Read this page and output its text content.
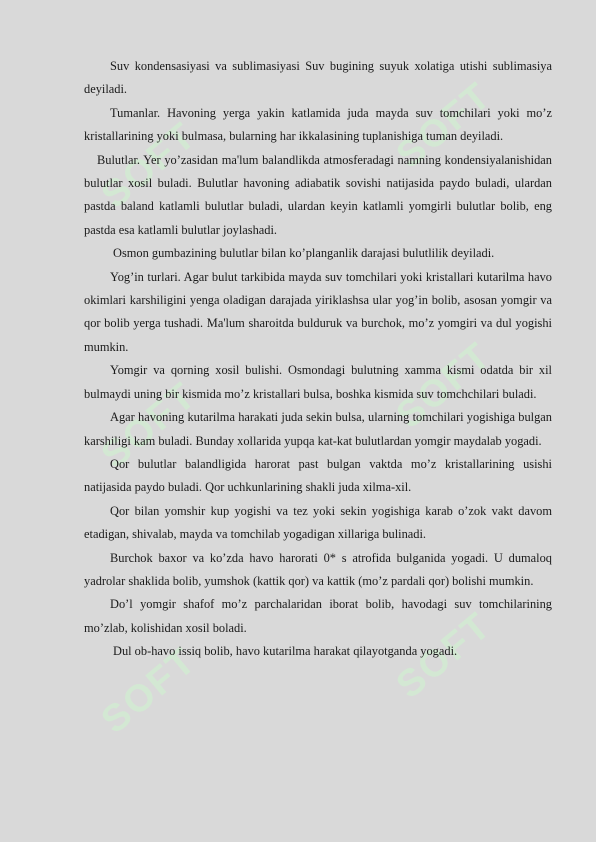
SOFT
SOFT
SOFT
SOFT
SOFT
SOFT

Suv kondensasiyasi va sublimasiyasi Suv bugining suyuk xolatiga utishi sublimasiya deyiladi.

Tumanlar. Havoning yerga yakin katlamida juda mayda suv tomchilari yoki mo’z kristallarining yoki bulmasa, bularning har ikkalasining tuplanishiga tuman deyiladi.

Bulutlar. Yer yo’zasidan ma'lum balandlikda atmosferadagi namning kondensiyalanishidan bulutlar xosil buladi. Bulutlar havoning adiabatik sovishi natijasida paydo buladi, ulardan pastda baland katlamli bulutlar buladi, ulardan keyin katlamli yomgirli bulutlar bolib, eng pastda esa katlamli bulutlar joylashadi.

Osmon gumbazining bulutlar bilan ko’planganlik darajasi bulutlilik deyiladi.

Yog’in turlari. Agar bulut tarkibida mayda suv tomchilari yoki kristallari kutarilma havo okimlari karshiligini yenga oladigan darajada yiriklashsa ular yog’in bolib, asosan yomgir va qor bolib yerga tushadi. Ma'lum sharoitda bulduruk va burchok, mo’z yomgiri va dul yogishi mumkin.

Yomgir va qorning xosil bulishi. Osmondagi bulutning xamma kismi odatda bir xil bulmaydi uning bir kismida mo’z kristallari bulsa, boshka kismida suv tomchchilari buladi.

Agar havoning kutarilma harakati juda sekin bulsa, ularning tomchilari yogishiga bulgan karshiligi kam buladi. Bunday xollarida yupqa kat-kat bulutlardan yomgir maydalab yogadi.

Qor bulutlar balandligida harorat past bulgan vaktda mo’z kristallarining usishi natijasida paydo buladi. Qor uchkunlarining shakli juda xilma-xil.

Qor bilan yomshir kup yogishi va tez yoki sekin yogishiga karab o’zok vakt davom etadigan, shivalab, mayda va tomchilab yogadigan xillariga bulinadi.

Burchok baxor va ko’zda havo harorati 0* s atrofida bulganida yogadi. U dumaloq yadrolar shaklida bolib, yumshok (kattik qor) va kattik (mo’z pardali qor) bolishi mumkin.

Do’l yomgir shafof mo’z parchalaridan iborat bolib, havodagi suv tomchilarining mo’zlab, kolishidan xosil boladi.

Dul ob-havo issiq bolib, havo kutarilma harakat qilayotganda yogadi.
